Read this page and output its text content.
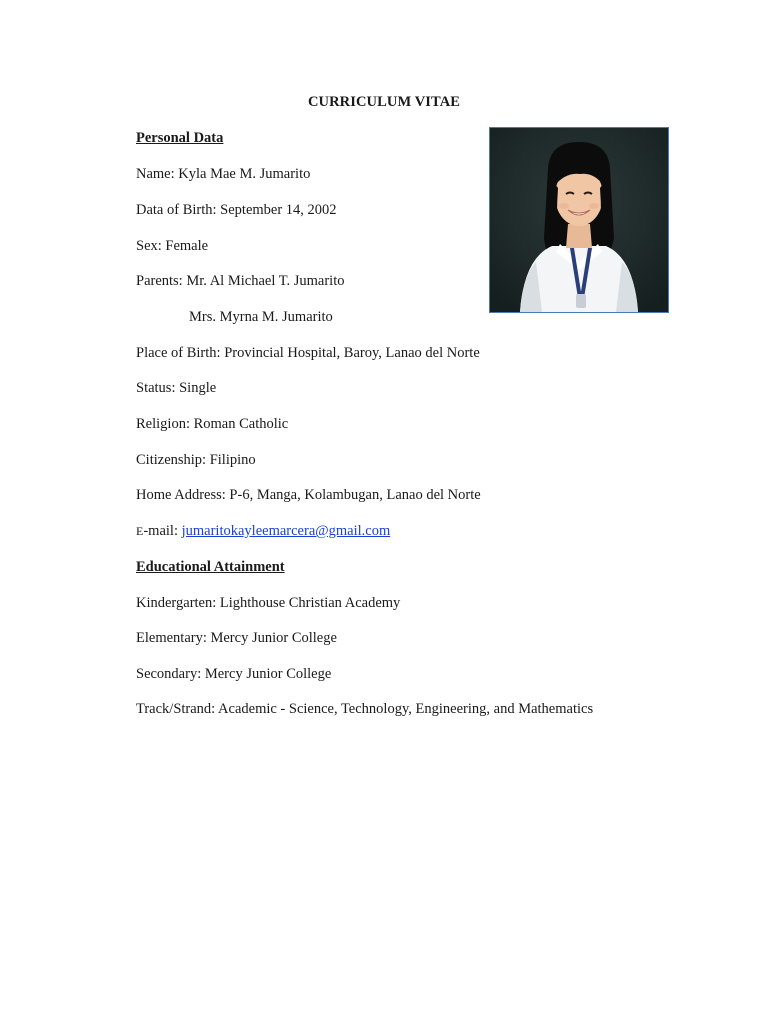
CURRICULUM VITAE
Personal Data
Name: Kyla Mae M. Jumarito
Data of Birth: September 14, 2002
Sex: Female
Parents: Mr. Al Michael T. Jumarito
Mrs. Myrna M. Jumarito
Place of Birth: Provincial Hospital, Baroy, Lanao del Norte
Status: Single
Religion: Roman Catholic
Citizenship: Filipino
Home Address: P-6, Manga, Kolambugan, Lanao del Norte
E-mail: jumaritokayleemarcera@gmail.com
Educational Attainment
Kindergarten: Lighthouse Christian Academy
Elementary: Mercy Junior College
Secondary: Mercy Junior College
Track/Strand: Academic - Science, Technology, Engineering, and Mathematics
